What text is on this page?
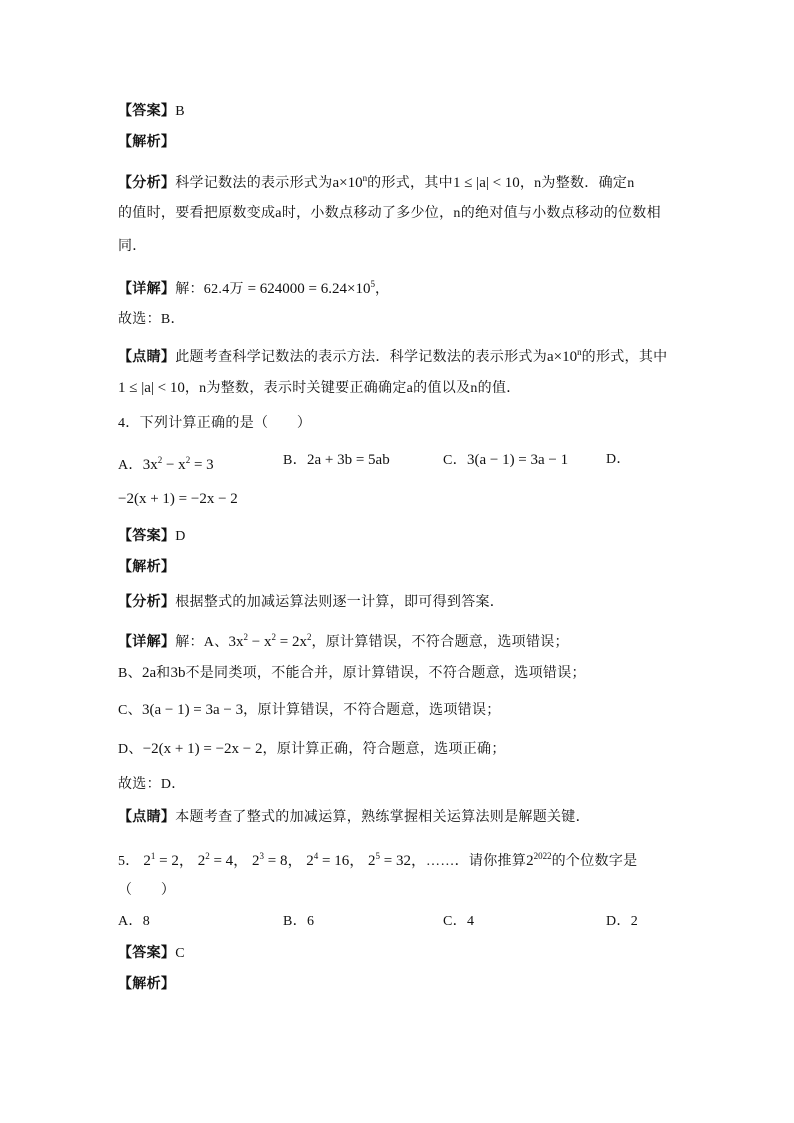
【答案】B
【解析】
【分析】科学记数法的表示形式为$a\times 10^n$的形式，其中1 ≤ |a| < 10，n为整数．确定n
的值时，要看把原数变成a时，小数点移动了多少位，n的绝对值与小数点移动的位数相
同．
【详解】解：62.4万 = $624000 = 6.24\times 10^5$，
故选：B．
【点睛】此题考查科学记数法的表示方法．科学记数法的表示形式为$a\times 10^n$的形式，其中
1 ≤ |a| < 10，n为整数，表示时关键要正确确定a的值以及n的值．
4．下列计算正确的是（　　）
A．$3x^2 - x^2 = 3$	B．2a + 3b = 5ab	C．3(a − 1) = 3a − 1	D．
−2(x + 1) = −2x − 2
【答案】D
【解析】
【分析】根据整式的加减运算法则逐一计算，即可得到答案．
【详解】解：A、$3x^2 - x^2 = 2x^2$，原计算错误，不符合题意，选项错误；
B、2a和3b不是同类项，不能合并，原计算错误，不符合题意，选项错误；
C、3(a − 1) = 3a − 3，原计算错误，不符合题意，选项错误；
D、−2(x + 1) = −2x − 2，原计算正确，符合题意，选项正确；
故选：D．
【点睛】本题考查了整式的加减运算，熟练掌握相关运算法则是解题关键．
5． $2^1 = 2$， $2^2 = 4$， $2^3 = 8$， $2^4 = 16$， $2^5 = 32$，……．请你推算$2^{2022}$的个位数字是
（　　）
A．8	B．6	C．4	D．2
【答案】C
【解析】
